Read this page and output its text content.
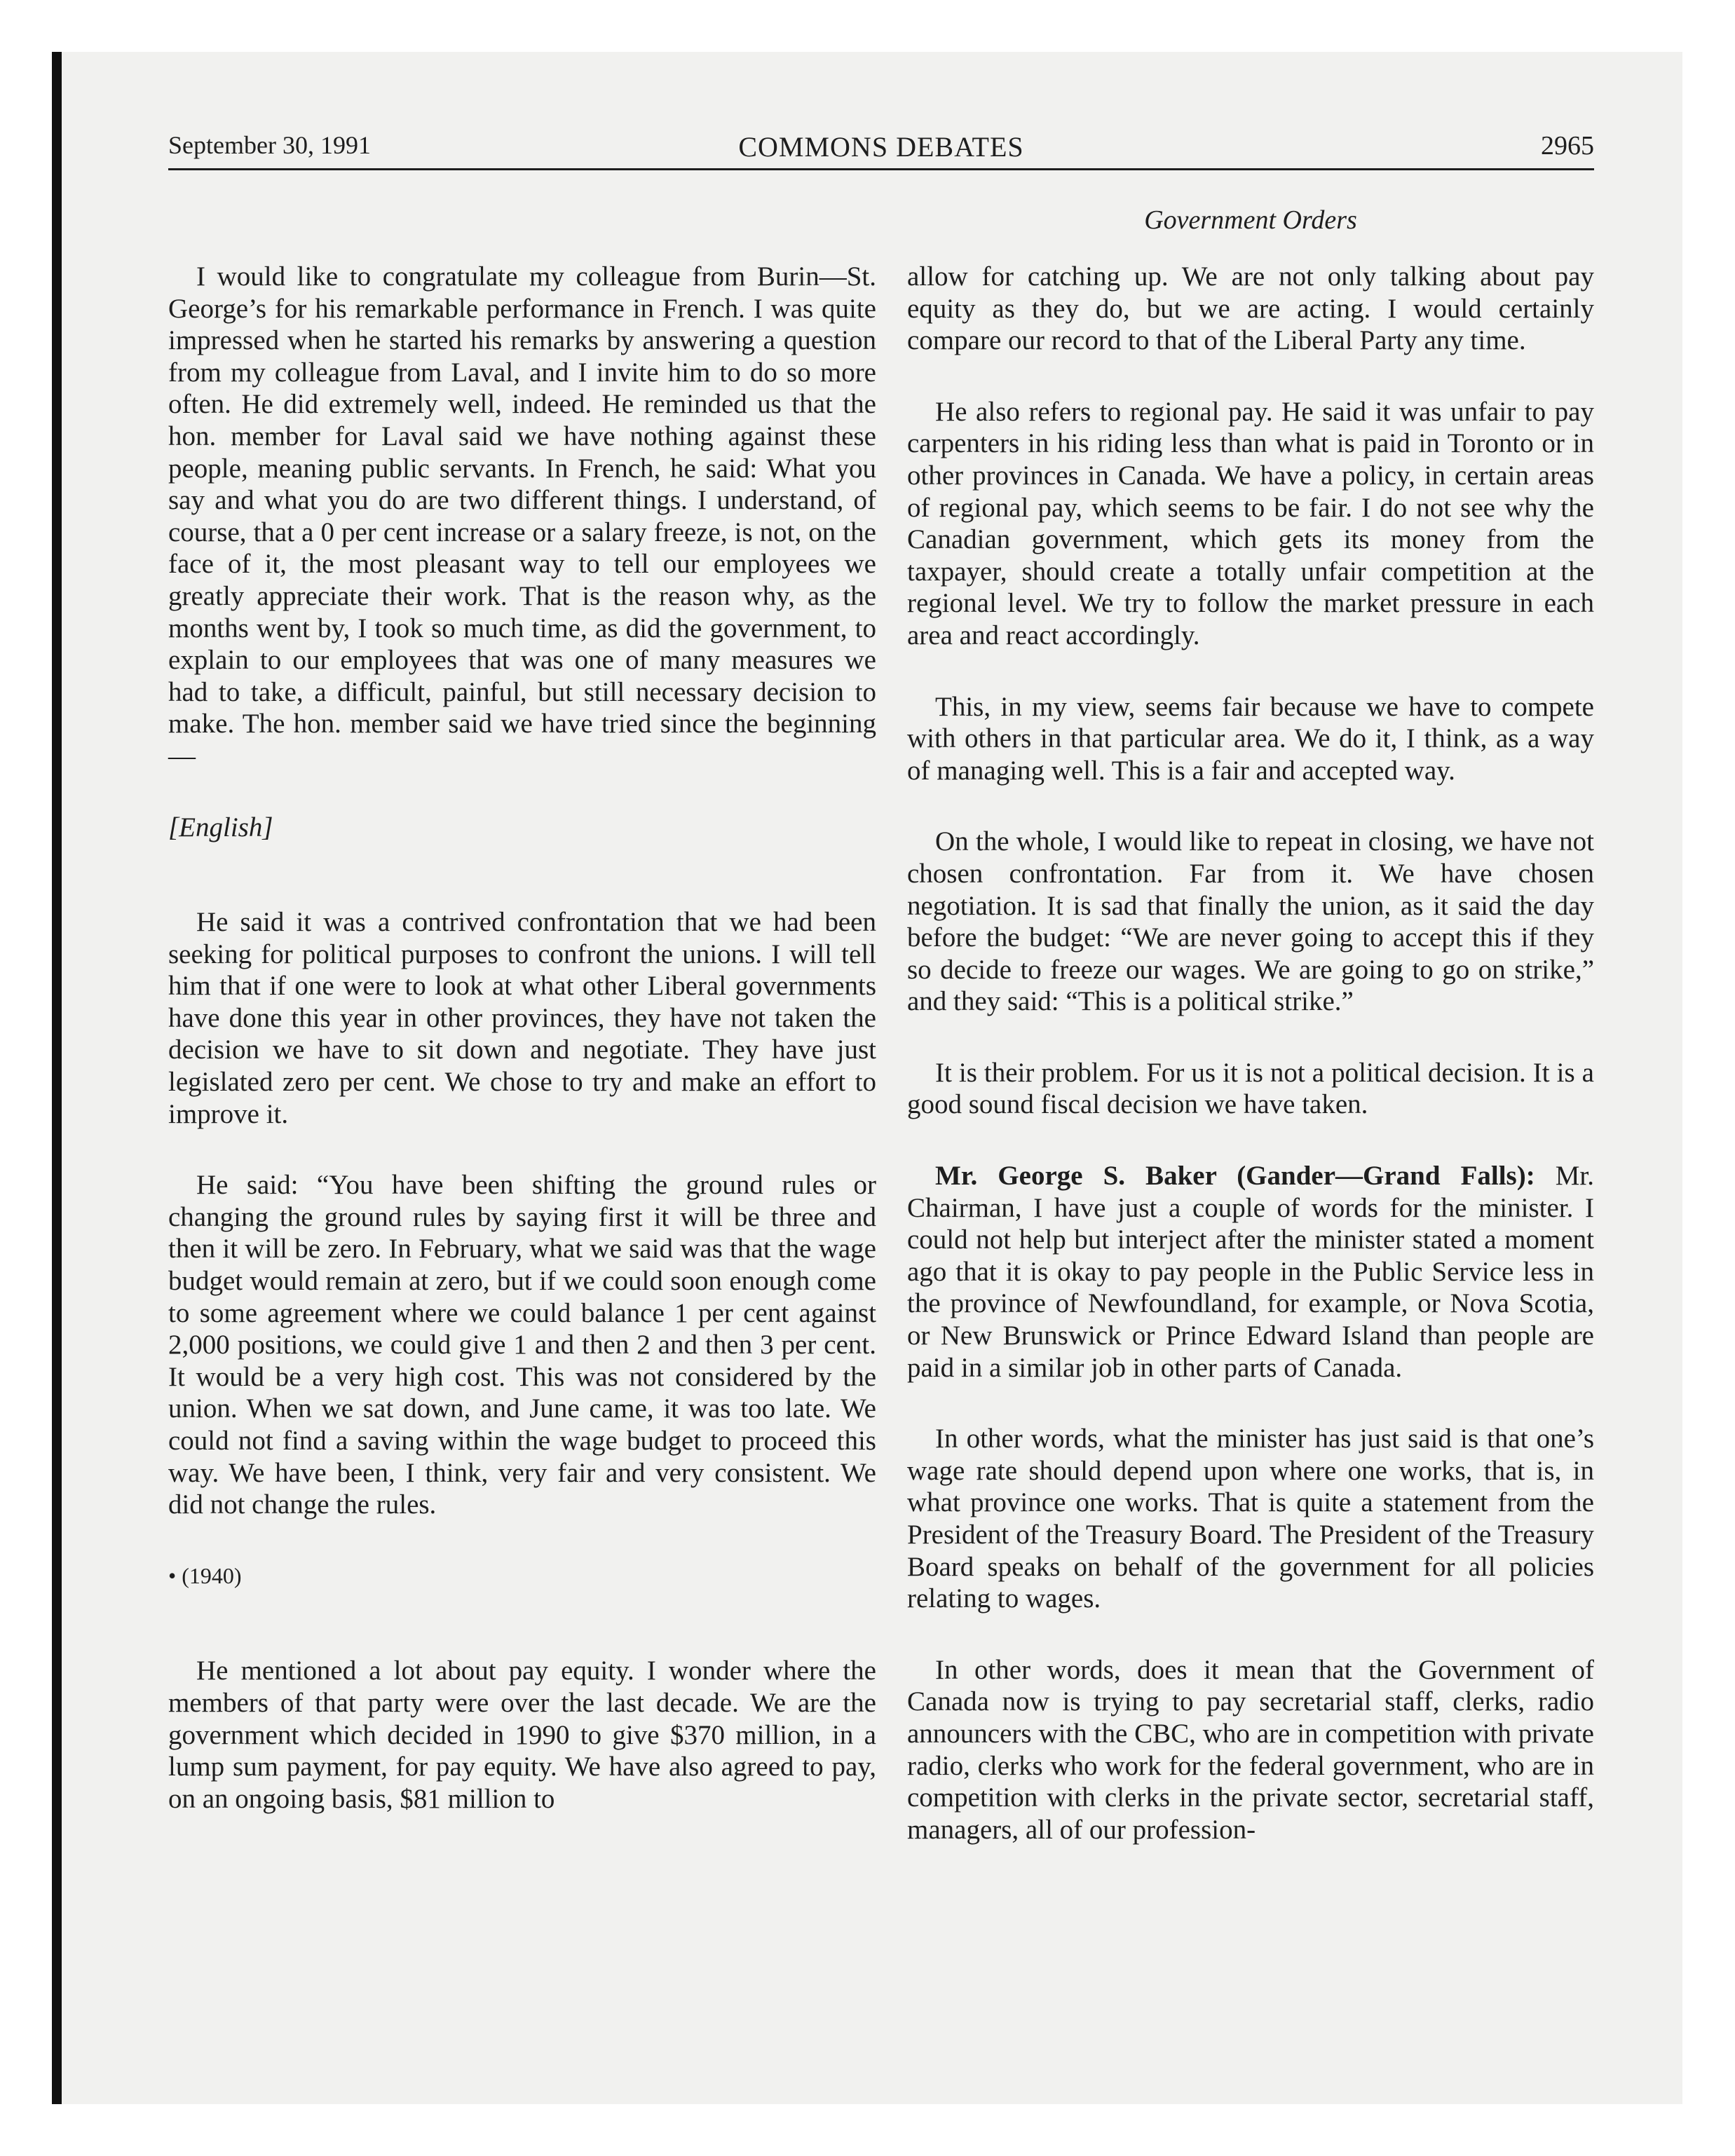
September 30, 1991	COMMONS DEBATES	2965
Government Orders

I would like to congratulate my colleague from Burin—St. George’s for his remarkable performance in French. I was quite impressed when he started his remarks by answering a question from my colleague from Laval, and I invite him to do so more often. He did extremely well, indeed. He reminded us that the hon. member for Laval said we have nothing against these people, meaning public servants. In French, he said: What you say and what you do are two different things. I understand, of course, that a 0 per cent increase or a salary freeze, is not, on the face of it, the most pleasant way to tell our employees we greatly appreciate their work. That is the reason why, as the months went by, I took so much time, as did the government, to explain to our employees that was one of many measures we had to take, a difficult, painful, but still necessary decision to make. The hon. member said we have tried since the beginning—

[English]

He said it was a contrived confrontation that we had been seeking for political purposes to confront the unions. I will tell him that if one were to look at what other Liberal governments have done this year in other provinces, they have not taken the decision we have to sit down and negotiate. They have just legislated zero per cent. We chose to try and make an effort to improve it.

He said: “You have been shifting the ground rules or changing the ground rules by saying first it will be three and then it will be zero. In February, what we said was that the wage budget would remain at zero, but if we could soon enough come to some agreement where we could balance 1 per cent against 2,000 positions, we could give 1 and then 2 and then 3 per cent. It would be a very high cost. This was not considered by the union. When we sat down, and June came, it was too late. We could not find a saving within the wage budget to proceed this way. We have been, I think, very fair and very consistent. We did not change the rules.

• (1940)

He mentioned a lot about pay equity. I wonder where the members of that party were over the last decade. We are the government which decided in 1990 to give $370 million, in a lump sum payment, for pay equity. We have also agreed to pay, on an ongoing basis, $81 million to

allow for catching up. We are not only talking about pay equity as they do, but we are acting. I would certainly compare our record to that of the Liberal Party any time.

He also refers to regional pay. He said it was unfair to pay carpenters in his riding less than what is paid in Toronto or in other provinces in Canada. We have a policy, in certain areas of regional pay, which seems to be fair. I do not see why the Canadian government, which gets its money from the taxpayer, should create a totally unfair competition at the regional level. We try to follow the market pressure in each area and react accordingly.

This, in my view, seems fair because we have to compete with others in that particular area. We do it, I think, as a way of managing well. This is a fair and accepted way.

On the whole, I would like to repeat in closing, we have not chosen confrontation. Far from it. We have chosen negotiation. It is sad that finally the union, as it said the day before the budget: “We are never going to accept this if they so decide to freeze our wages. We are going to go on strike,” and they said: “This is a political strike.”

It is their problem. For us it is not a political decision. It is a good sound fiscal decision we have taken.

Mr. George S. Baker (Gander—Grand Falls): Mr. Chairman, I have just a couple of words for the minister. I could not help but interject after the minister stated a moment ago that it is okay to pay people in the Public Service less in the province of Newfoundland, for example, or Nova Scotia, or New Brunswick or Prince Edward Island than people are paid in a similar job in other parts of Canada.

In other words, what the minister has just said is that one’s wage rate should depend upon where one works, that is, in what province one works. That is quite a statement from the President of the Treasury Board. The President of the Treasury Board speaks on behalf of the government for all policies relating to wages.

In other words, does it mean that the Government of Canada now is trying to pay secretarial staff, clerks, radio announcers with the CBC, who are in competition with private radio, clerks who work for the federal government, who are in competition with clerks in the private sector, secretarial staff, managers, all of our profession-
